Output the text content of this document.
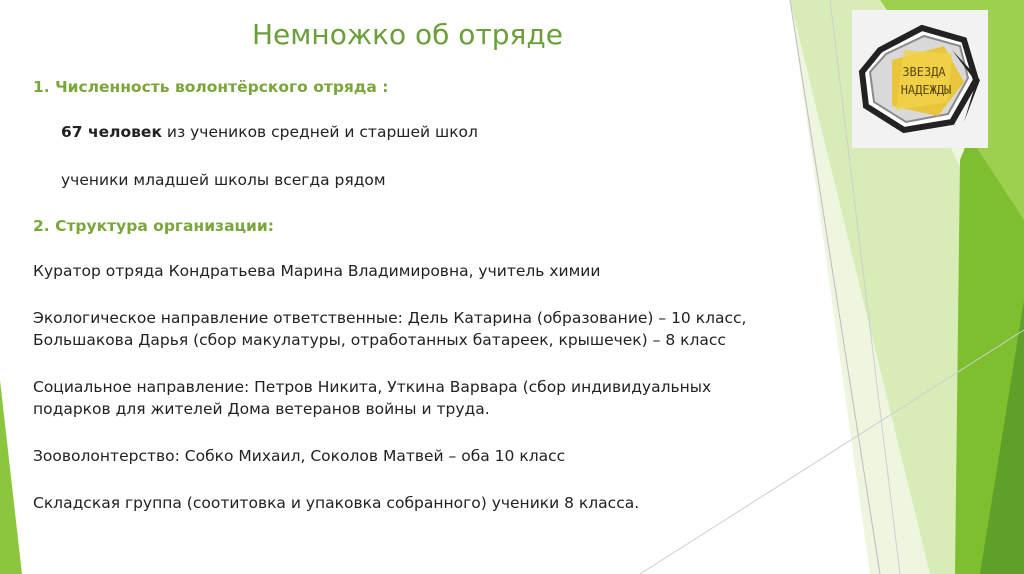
Немножко об отряде
1. Численность волонтёрского отряда :
67 человек из учеников средней и старшей школ
ученики младшей школы всегда рядом
2. Структура организации:
Куратор отряда Кондратьева Марина Владимировна, учитель химии
Экологическое направление ответственные: Дель Катарина (образование) – 10 класс,
Большакова Дарья (сбор макулатуры, отработанных батареек, крышечек) – 8 класс
Социальное направление: Петров Никита, Уткина Варвара (сбор индивидуальных
подарков для жителей Дома ветеранов войны и труда.
Зооволонтерство: Собко Михаил, Соколов Матвей – оба 10 класс
Складская группа (соотитовка и упаковка собранного) ученики 8 класса.
ЗВЕЗДА
НАДЕЖДЫ
